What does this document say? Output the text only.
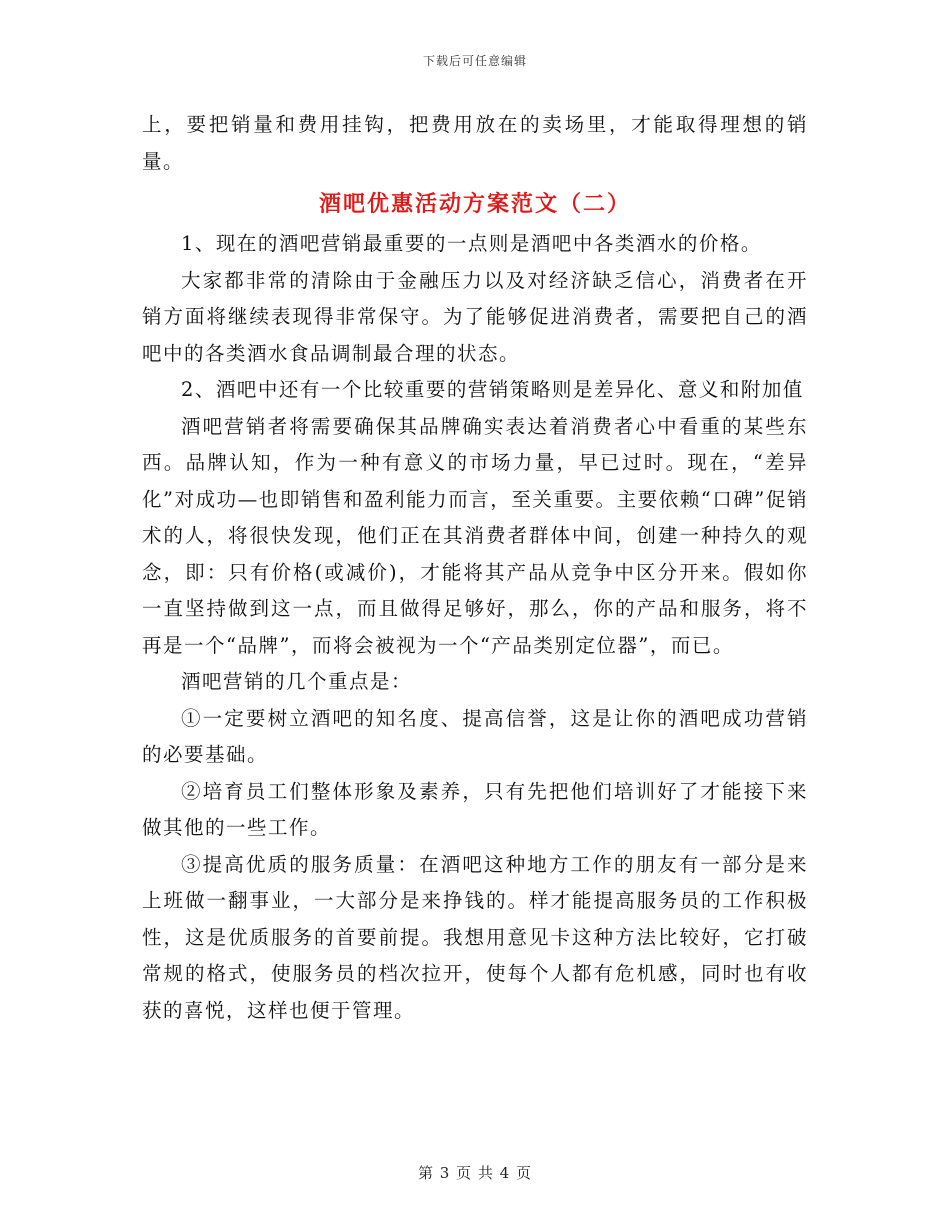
下载后可任意编辑

上，要把销量和费用挂钩，把费用放在的卖场里，才能取得理想的销量。

酒吧优惠活动方案范文（二）

1、现在的酒吧营销最重要的一点则是酒吧中各类酒水的价格。

大家都非常的清除由于金融压力以及对经济缺乏信心，消费者在开销方面将继续表现得非常保守。为了能够促进消费者，需要把自己的酒吧中的各类酒水食品调制最合理的状态。

2、酒吧中还有一个比较重要的营销策略则是差异化、意义和附加值

酒吧营销者将需要确保其品牌确实表达着消费者心中看重的某些东西。品牌认知，作为一种有意义的市场力量，早已过时。现在，“差异化”对成功—也即销售和盈利能力而言，至关重要。主要依赖“口碑”促销术的人，将很快发现，他们正在其消费者群体中间，创建一种持久的观念，即：只有价格(或减价)，才能将其产品从竞争中区分开来。假如你一直坚持做到这一点，而且做得足够好，那么，你的产品和服务，将不再是一个“品牌”，而将会被视为一个“产品类别定位器”，而已。

酒吧营销的几个重点是：

①一定要树立酒吧的知名度、提高信誉，这是让你的酒吧成功营销的必要基础。

②培育员工们整体形象及素养，只有先把他们培训好了才能接下来做其他的一些工作。

③提高优质的服务质量：在酒吧这种地方工作的朋友有一部分是来上班做一翻事业，一大部分是来挣钱的。样才能提高服务员的工作积极性，这是优质服务的首要前提。我想用意见卡这种方法比较好，它打破常规的格式，使服务员的档次拉开，使每个人都有危机感，同时也有收获的喜悦，这样也便于管理。

第 3 页 共 4 页
